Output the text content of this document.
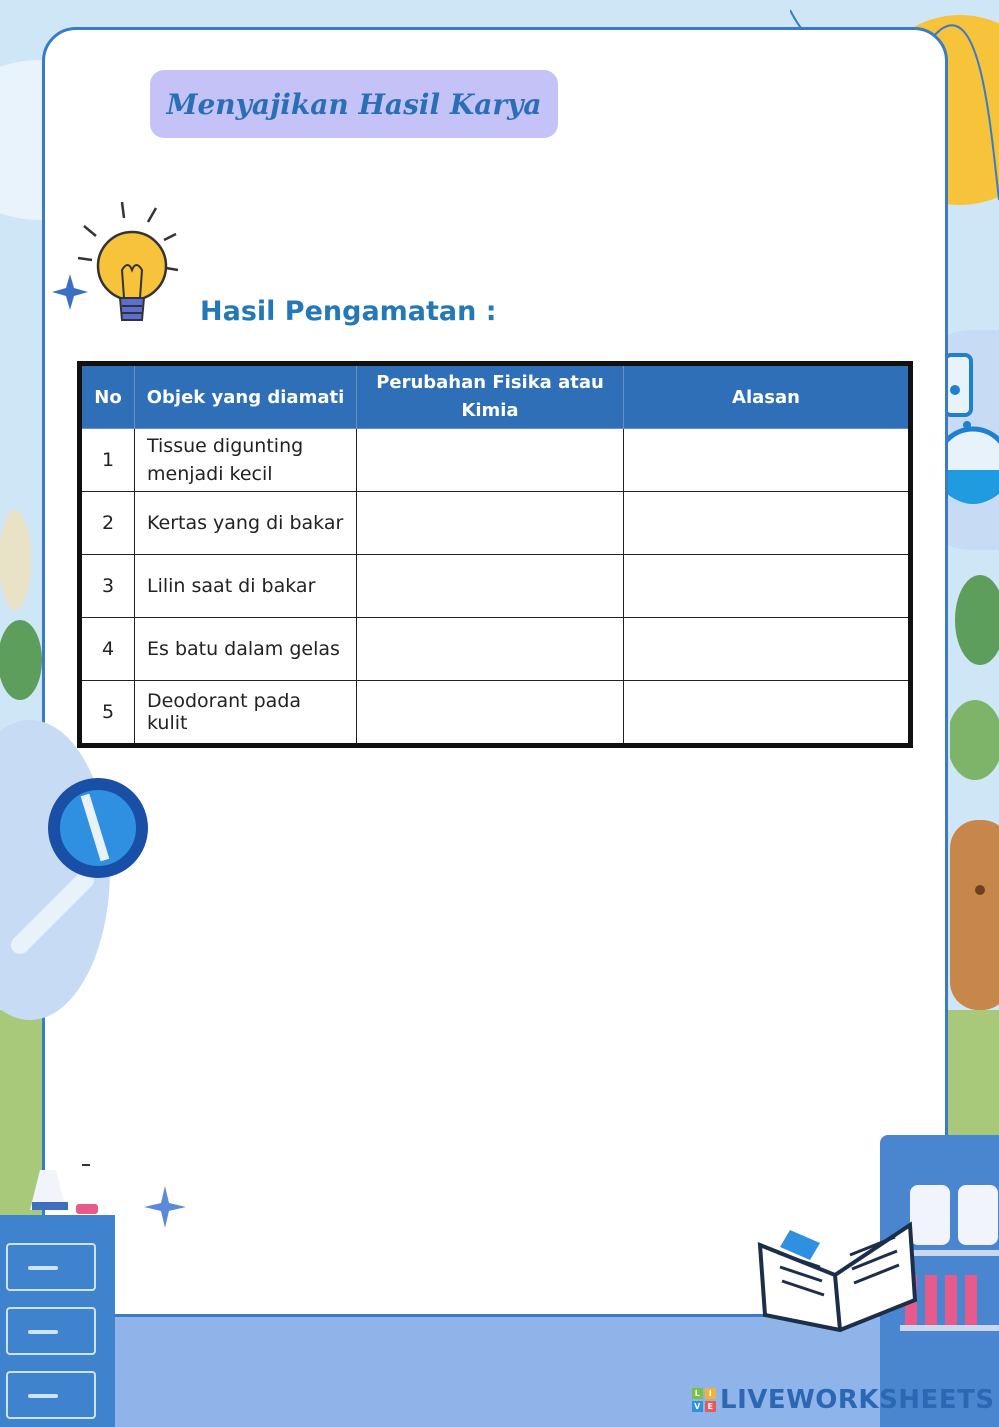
Menyajikan Hasil Karya
Hasil Pengamatan :
No	Objek yang diamati	Perubahan Fisika atau Kimia	Alasan
1	Tissue digunting menjadi kecil		
2	Kertas yang di bakar		
3	Lilin saat di bakar		
4	Es batu dalam gelas		
5	Deodorant pada kulit		
L	I
V E LIVEWORKSHEETS
